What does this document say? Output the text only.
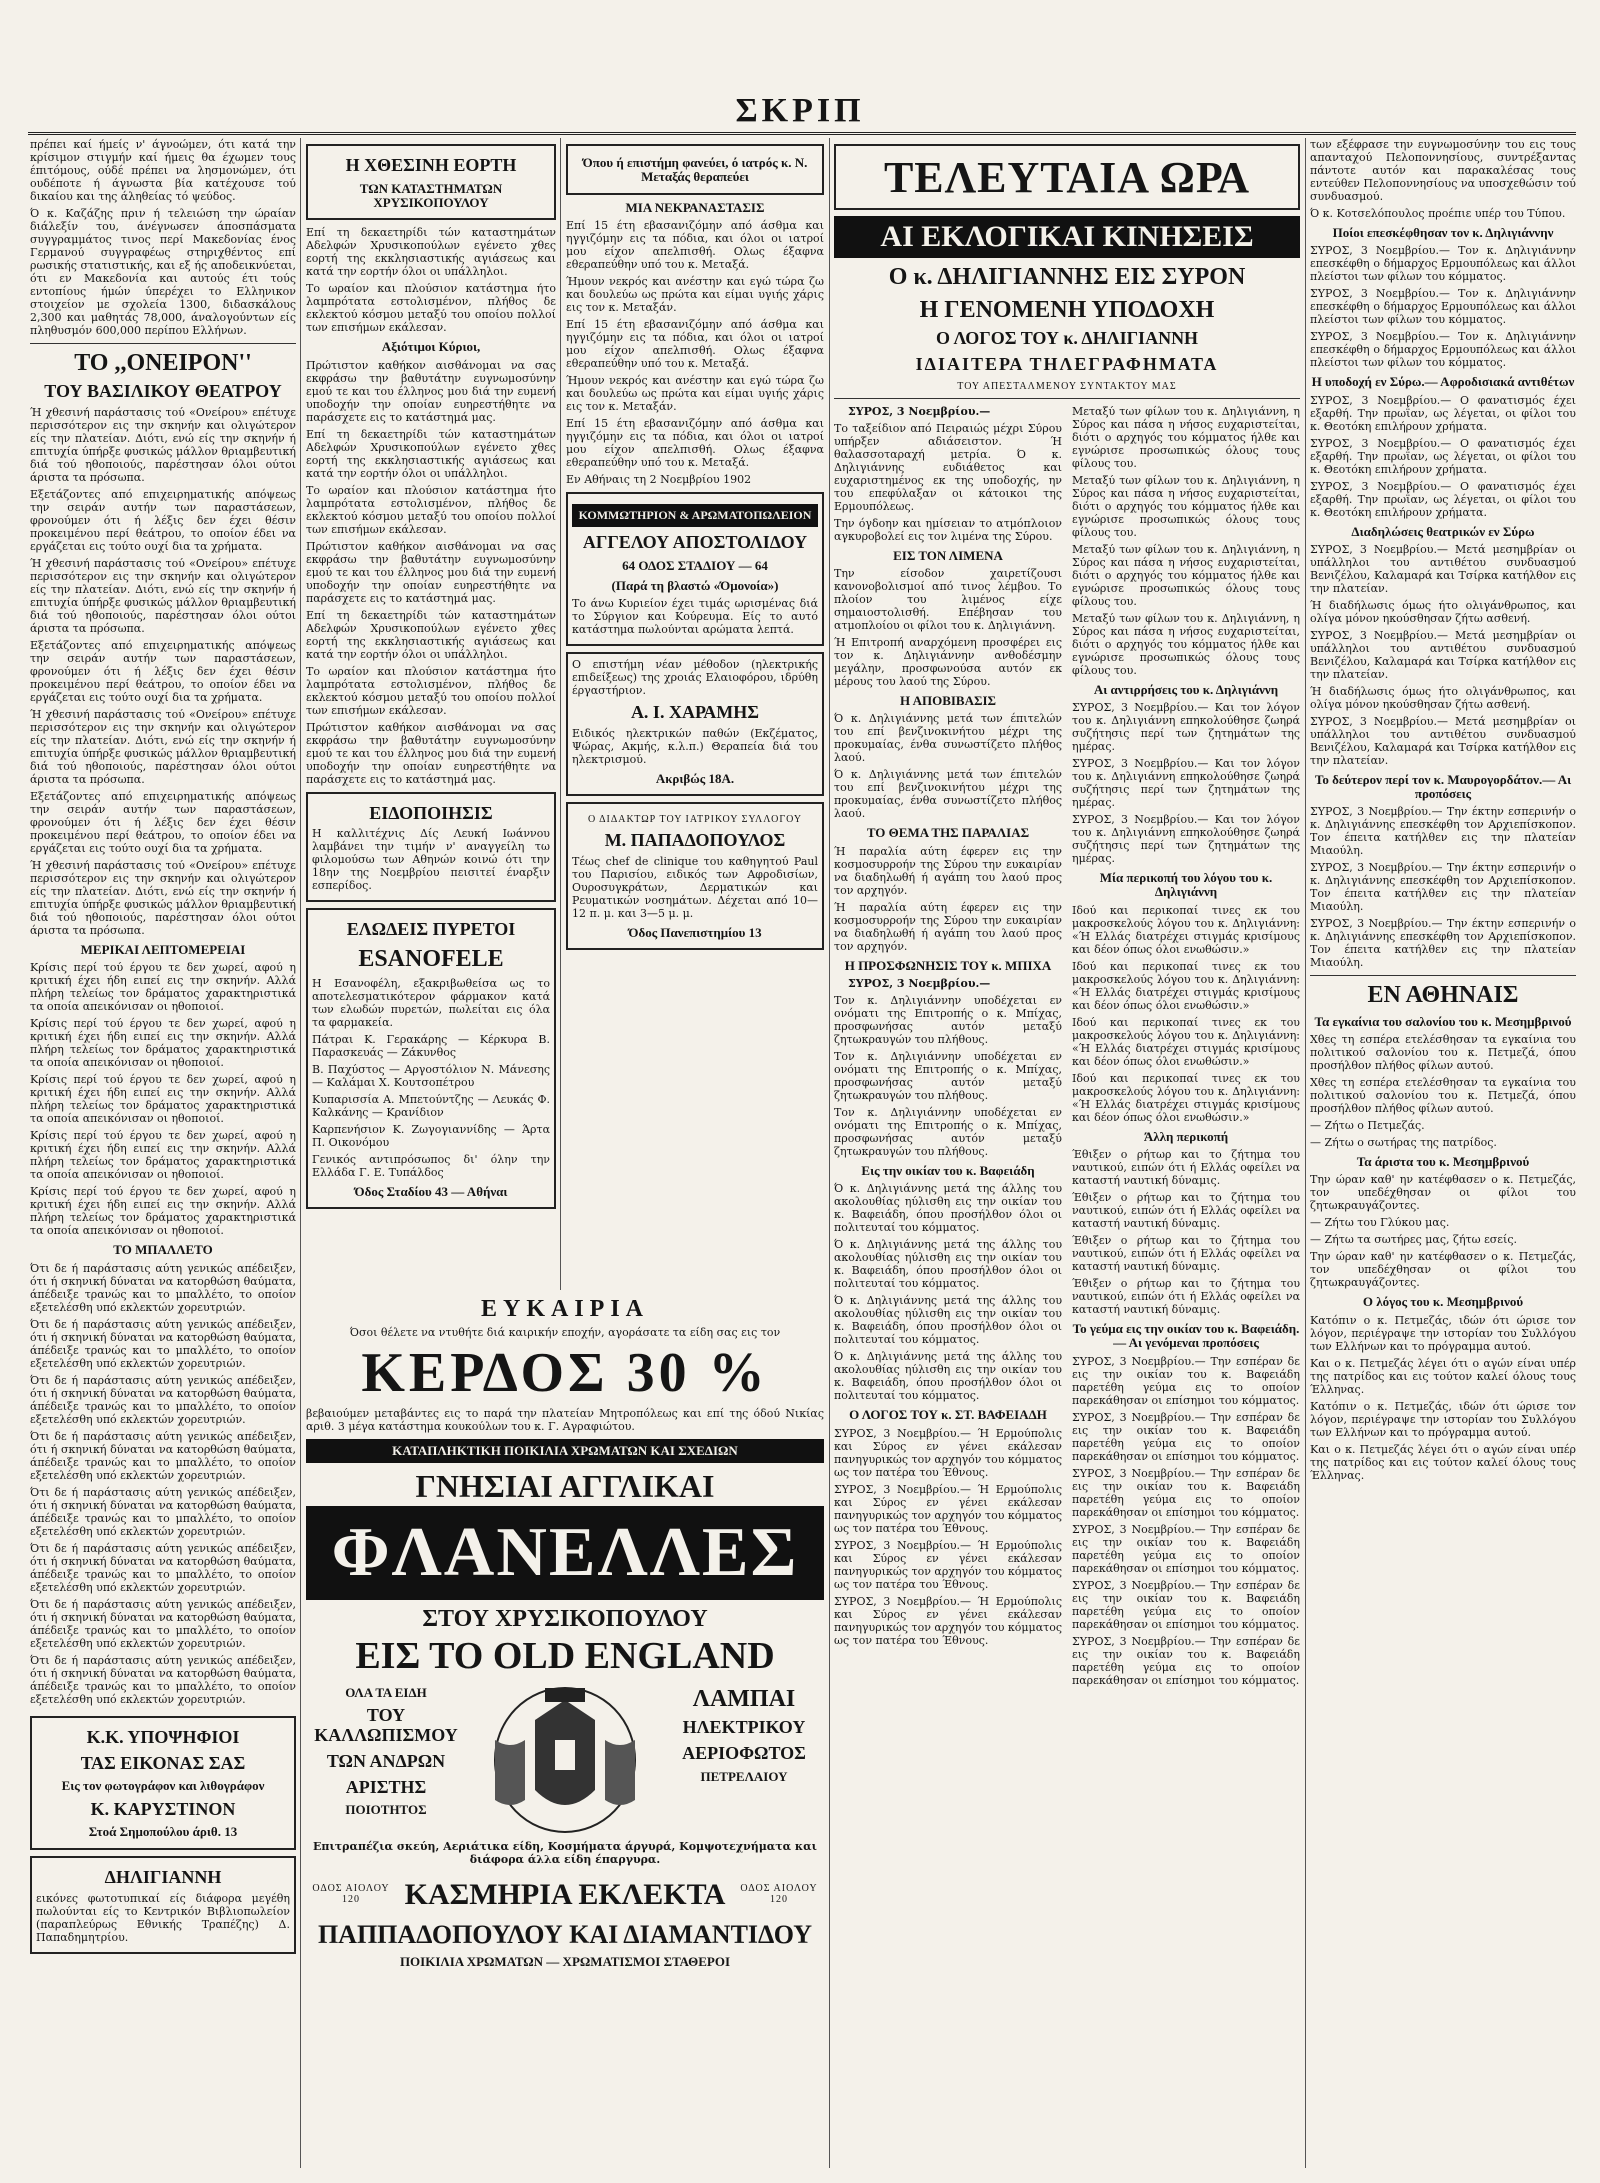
ΣΚΡΙΠ

πρέπει καί ήμείς ν' άγνοώμεν, ότι κατά την κρίσιμον στιγμήν καί ήμεις θα έχωμεν τους έπιτόμους, ούδέ πρέπει να λησμονώμεν, ότι ουδέποτε ή άγνωστα βία κατέχουσε τού δικαίου και της άληθείας τό ψεύδος.

Ό κ. Καζάζης πριν ή τελειώση την ώραίαν διάλεξίν του, άνέγνωσεν άποσπάσματα συγγραμμάτος τινος περί Μακεδονίας ένος Γερμανού συγγραφέως στηριχθέντος επί ρωσικής στατιστικής, και εξ ής αποδεικνύεται, ότι εν Μακεδονία και αυτούς έτι τούς εντοπίους ήμών ύπερέχει το Ελληνικον στοιχείον με σχολεία 1300, διδασκάλους 2,300 και μαθητάς 78,000, άναλογούντων είς πληθυσμόν 600,000 περίπου Ελλήνων.

ΤΟ ,,ΟΝΕΙΡΟΝ''
ΤΟΥ ΒΑΣΙΛΙΚΟΥ ΘΕΑΤΡΟΥ

Ή χθεσινή παράστασις τού «Ονείρου» επέτυχε περισσότερον εις την σκηνήν και ολιγώτερον είς την πλατείαν. Διότι, ενώ είς την σκηνήν ή επιτυχία ύπήρξε φυσικώς μάλλον θριαμβευτική διά τού ηθοποιούς, παρέστησαν όλοι ούτοι άριστα τα πρόσωπα.

Εξετάζοντες από επιχειρηματικής απόψεως την σειράν αυτήν των παραστάσεων, φρονούμεν ότι ή λέξις δεν έχει θέσιν προκειμένου περί θεάτρου, το οποίον έδει να εργάζεται εις τούτο ουχί δια τα χρήματα.

Ή χθεσινή παράστασις τού «Ονείρου» επέτυχε περισσότερον εις την σκηνήν και ολιγώτερον είς την πλατείαν. Διότι, ενώ είς την σκηνήν ή επιτυχία ύπήρξε φυσικώς μάλλον θριαμβευτική διά τού ηθοποιούς, παρέστησαν όλοι ούτοι άριστα τα πρόσωπα.

Εξετάζοντες από επιχειρηματικής απόψεως την σειράν αυτήν των παραστάσεων, φρονούμεν ότι ή λέξις δεν έχει θέσιν προκειμένου περί θεάτρου, το οποίον έδει να εργάζεται εις τούτο ουχί δια τα χρήματα.

Ή χθεσινή παράστασις τού «Ονείρου» επέτυχε περισσότερον εις την σκηνήν και ολιγώτερον είς την πλατείαν. Διότι, ενώ είς την σκηνήν ή επιτυχία ύπήρξε φυσικώς μάλλον θριαμβευτική διά τού ηθοποιούς, παρέστησαν όλοι ούτοι άριστα τα πρόσωπα.

Εξετάζοντες από επιχειρηματικής απόψεως την σειράν αυτήν των παραστάσεων, φρονούμεν ότι ή λέξις δεν έχει θέσιν προκειμένου περί θεάτρου, το οποίον έδει να εργάζεται εις τούτο ουχί δια τα χρήματα.

Ή χθεσινή παράστασις τού «Ονείρου» επέτυχε περισσότερον εις την σκηνήν και ολιγώτερον είς την πλατείαν. Διότι, ενώ είς την σκηνήν ή επιτυχία ύπήρξε φυσικώς μάλλον θριαμβευτική διά τού ηθοποιούς, παρέστησαν όλοι ούτοι άριστα τα πρόσωπα.

ΜΕΡΙΚΑΙ ΛΕΠΤΟΜΕΡΕΙΑΙ

Κρίσις περί τού έργου τε δεν χωρεί, αφού η κριτική έχει ήδη ειπεί εις την σκηνήν. Αλλά πλήρη τελείως τον δράματος χαρακτηριστικά τα οποία απεικόνισαν οι ηθοποιοί.

Κρίσις περί τού έργου τε δεν χωρεί, αφού η κριτική έχει ήδη ειπεί εις την σκηνήν. Αλλά πλήρη τελείως τον δράματος χαρακτηριστικά τα οποία απεικόνισαν οι ηθοποιοί.

Κρίσις περί τού έργου τε δεν χωρεί, αφού η κριτική έχει ήδη ειπεί εις την σκηνήν. Αλλά πλήρη τελείως τον δράματος χαρακτηριστικά τα οποία απεικόνισαν οι ηθοποιοί.

Κρίσις περί τού έργου τε δεν χωρεί, αφού η κριτική έχει ήδη ειπεί εις την σκηνήν. Αλλά πλήρη τελείως τον δράματος χαρακτηριστικά τα οποία απεικόνισαν οι ηθοποιοί.

Κρίσις περί τού έργου τε δεν χωρεί, αφού η κριτική έχει ήδη ειπεί εις την σκηνήν. Αλλά πλήρη τελείως τον δράματος χαρακτηριστικά τα οποία απεικόνισαν οι ηθοποιοί.

ΤΟ ΜΠΑΛΛΕΤΟ

Ότι δε ή παράστασις αύτη γενικώς απέδειξεν, ότι ή σκηνική δύναται να κατορθώση θαύματα, άπέδειξε τρανώς και το μπαλλέτο, το οποίον εξετελέσθη υπό εκλεκτών χορευτριών.

Ότι δε ή παράστασις αύτη γενικώς απέδειξεν, ότι ή σκηνική δύναται να κατορθώση θαύματα, άπέδειξε τρανώς και το μπαλλέτο, το οποίον εξετελέσθη υπό εκλεκτών χορευτριών.

Ότι δε ή παράστασις αύτη γενικώς απέδειξεν, ότι ή σκηνική δύναται να κατορθώση θαύματα, άπέδειξε τρανώς και το μπαλλέτο, το οποίον εξετελέσθη υπό εκλεκτών χορευτριών.

Ότι δε ή παράστασις αύτη γενικώς απέδειξεν, ότι ή σκηνική δύναται να κατορθώση θαύματα, άπέδειξε τρανώς και το μπαλλέτο, το οποίον εξετελέσθη υπό εκλεκτών χορευτριών.

Ότι δε ή παράστασις αύτη γενικώς απέδειξεν, ότι ή σκηνική δύναται να κατορθώση θαύματα, άπέδειξε τρανώς και το μπαλλέτο, το οποίον εξετελέσθη υπό εκλεκτών χορευτριών.

Ότι δε ή παράστασις αύτη γενικώς απέδειξεν, ότι ή σκηνική δύναται να κατορθώση θαύματα, άπέδειξε τρανώς και το μπαλλέτο, το οποίον εξετελέσθη υπό εκλεκτών χορευτριών.

Ότι δε ή παράστασις αύτη γενικώς απέδειξεν, ότι ή σκηνική δύναται να κατορθώση θαύματα, άπέδειξε τρανώς και το μπαλλέτο, το οποίον εξετελέσθη υπό εκλεκτών χορευτριών.

Ότι δε ή παράστασις αύτη γενικώς απέδειξεν, ότι ή σκηνική δύναται να κατορθώση θαύματα, άπέδειξε τρανώς και το μπαλλέτο, το οποίον εξετελέσθη υπό εκλεκτών χορευτριών.

Κ.Κ. ΥΠΟΨΗΦΙΟΙ
ΤΑΣ ΕΙΚΟΝΑΣ ΣΑΣ
Εις τον φωτογράφον και λιθογράφον
Κ. ΚΑΡΥΣΤΙΝΟΝ
Στοά Σημοπούλου άριθ. 13
ΔΗΛΙΓΙΑΝΝΗ

εικόνες φωτοτυπικαί είς διάφορα μεγέθη πωλούνται είς το Κεντρικόν Βιβλιοπωλείον (παραπλεύρως Εθνικής Τραπέζης) Δ. Παπαδημητρίου.

Η ΧΘΕΣΙΝΗ ΕΟΡΤΗ
ΤΩΝ ΚΑΤΑΣΤΗΜΑΤΩΝ ΧΡΥΣΙΚΟΠΟΥΛΟΥ

Επί τη δεκαετηρίδι τών καταστημάτων Αδελφών Χρυσικοπούλων εγένετο χθες εορτή της εκκλησιαστικής αγιάσεως και κατά την εορτήν όλοι οι υπάλληλοι.

Το ωραίον και πλούσιον κατάστημα ήτο λαμπρότατα εστολισμένον, πλήθος δε εκλεκτού κόσμου μεταξύ του οποίου πολλοί των επισήμων εκάλεσαν.

Αξιότιμοι Κύριοι,

Πρώτιστον καθήκον αισθάνομαι να σας εκφράσω την βαθυτάτην ευγνωμοσύνην εμού τε και του έλληνος μου διά την ευμενή υποδοχήν την οποίαν ευηρεστήθητε να παράσχετε εις το κατάστημά μας.

Επί τη δεκαετηρίδι τών καταστημάτων Αδελφών Χρυσικοπούλων εγένετο χθες εορτή της εκκλησιαστικής αγιάσεως και κατά την εορτήν όλοι οι υπάλληλοι.

Το ωραίον και πλούσιον κατάστημα ήτο λαμπρότατα εστολισμένον, πλήθος δε εκλεκτού κόσμου μεταξύ του οποίου πολλοί των επισήμων εκάλεσαν.

Πρώτιστον καθήκον αισθάνομαι να σας εκφράσω την βαθυτάτην ευγνωμοσύνην εμού τε και του έλληνος μου διά την ευμενή υποδοχήν την οποίαν ευηρεστήθητε να παράσχετε εις το κατάστημά μας.

Επί τη δεκαετηρίδι τών καταστημάτων Αδελφών Χρυσικοπούλων εγένετο χθες εορτή της εκκλησιαστικής αγιάσεως και κατά την εορτήν όλοι οι υπάλληλοι.

Το ωραίον και πλούσιον κατάστημα ήτο λαμπρότατα εστολισμένον, πλήθος δε εκλεκτού κόσμου μεταξύ του οποίου πολλοί των επισήμων εκάλεσαν.

Πρώτιστον καθήκον αισθάνομαι να σας εκφράσω την βαθυτάτην ευγνωμοσύνην εμού τε και του έλληνος μου διά την ευμενή υποδοχήν την οποίαν ευηρεστήθητε να παράσχετε εις το κατάστημά μας.

ΕΙΔΟΠΟΙΗΣΙΣ

Η καλλιτέχνις Δίς Λευκή Ιωάννου λαμβάνει την τιμήν ν' αναγγείλη τω φιλομούσω των Αθηνών κοινώ ότι την 18ην της Νοεμβρίου πεισιτεί έναρξιν εσπερίδος.

ΕΛΩΔΕΙΣ ΠΥΡΕΤΟΙ
ESANOFELE

Η Εσανοφέλη, εξακριβωθείσα ως το αποτελεσματικότερον φάρμακον κατά των ελωδών πυρετών, πωλείται εις όλα τα φαρμακεία.

Πάτραι Κ. Γερακάρης — Κέρκυρα Β. Παρασκευάς — Ζάκυνθος

Β. Παχύστος — Αργοστόλιον Ν. Μάνεσης — Καλάμαι Χ. Κουτσοπέτρου

Κυπαρισσία Α. Μπετούντζης — Λευκάς Φ. Καλκάνης — Κρανίδιον

Καρπενήσιον Κ. Ζωγογιαννίδης — Άρτα Π. Οικονόμου

Γενικός αντιπρόσωπος δι' όλην την Ελλάδα Γ. Ε. Τυπάλδος

Όδος Σταδίου 43 — Αθήναι
Όπου ή επιστήμη φανεύει, ό ιατρός κ. Ν. Μεταξάς θεραπεύει
ΜΙΑ ΝΕΚΡΑΝΑΣΤΑΣΙΣ

Επί 15 έτη εβασανιζόμην από άσθμα και ηγγιζόμην εις τα πόδια, και όλοι οι ιατροί μου είχον απελπισθή. Ολως έξαφνα εθεραπεύθην υπό του κ. Μεταξά.

Ήμουν νεκρός και ανέστην και εγώ τώρα ζω και δουλεύω ως πρώτα και είμαι υγιής χάρις εις τον κ. Μεταξάν.

Επί 15 έτη εβασανιζόμην από άσθμα και ηγγιζόμην εις τα πόδια, και όλοι οι ιατροί μου είχον απελπισθή. Ολως έξαφνα εθεραπεύθην υπό του κ. Μεταξά.

Ήμουν νεκρός και ανέστην και εγώ τώρα ζω και δουλεύω ως πρώτα και είμαι υγιής χάρις εις τον κ. Μεταξάν.

Επί 15 έτη εβασανιζόμην από άσθμα και ηγγιζόμην εις τα πόδια, και όλοι οι ιατροί μου είχον απελπισθή. Ολως έξαφνα εθεραπεύθην υπό του κ. Μεταξά.

Εν Αθήναις τη 2 Νοεμβρίου 1902

ΚΟΜΜΩΤΗΡΙΟΝ & ΑΡΩΜΑΤΟΠΩΛΕΙΟΝ
ΑΓΓΕΛΟΥ ΑΠΟΣΤΟΛΙΔΟΥ
64 ΟΔΟΣ ΣΤΑΔΙΟΥ — 64
(Παρά τη βλαστώ «Όμονοία»)

Το άνω Κυριείον έχει τιμάς ωρισμένας διά το Σύργιον και Κούρευμα. Είς το αυτό κατάστημα πωλούνται αρώματα λεπτά.

Ο επιστήμη νέαν μέθοδον (ηλεκτρικής επιδείξεως) της χροιάς Ελαιοφόρου, ιδρύθη έργαστήριον.

Α. Ι. ΧΑΡΑΜΗΣ

Ειδικός ηλεκτρικών παθών (Εκζέματος, Ψώρας, Ακμής, κ.λ.π.) Θεραπεία διά του ηλεκτρισμού.

Ακριβώς 18Α.
Ο ΔΙΔΑΚΤΩΡ ΤΟΥ ΙΑΤΡΙΚΟΥ ΣΥΛΛΟΓΟΥ
Μ. ΠΑΠΑΔΟΠΟΥΛΟΣ

Τέως chef de clinique του καθηγητού Paul του Παρισίου, ειδικός των Αφροδισίων, Ουροσυγκράτων, Δερματικών και Ρευματικών νοσημάτων. Δέχεται από 10—12 π. μ. και 3—5 μ. μ.

Όδος Πανεπιστημίου 13
ΕΥΚΑΙΡΙΑ

Όσοι θέλετε να ντυθήτε διά καιρικήν εποχήν, αγοράσατε τα είδη σας εις τον

ΚΕΡΔΟΣ 30 %

βεβαιούμεν μεταβάντες εις το παρά την πλατείαν Μητροπόλεως και επί της όδού Νικίας αριθ. 3 μέγα κατάστημα κουκούλων του κ. Γ. Αγραφιώτου.

ΚΑΤΑΠΛΗΚΤΙΚΗ ΠΟΙΚΙΛΙΑ ΧΡΩΜΑΤΩΝ ΚΑΙ ΣΧΕΔΙΩΝ
ΓΝΗΣΙΑΙ ΑΓΓΛΙΚΑΙ
ΦΛΑΝΕΛΛΕΣ
ΣΤΟΥ ΧΡΥΣΙΚΟΠΟΥΛΟΥ
ΕΙΣ ΤΟ OLD ENGLAND
ΟΛΑ ΤΑ ΕΙΔΗ
ΤΟΥ ΚΑΛΛΩΠΙΣΜΟΥ
ΤΩΝ ΑΝΔΡΩΝ
ΑΡΙΣΤΗΣ
ΠΟΙΟΤΗΤΟΣ
ΛΑΜΠΑΙ
ΗΛΕΚΤΡΙΚΟΥ
ΑΕΡΙΟΦΩΤΟΣ
ΠΕΤΡΕΛΑΙΟΥ

Επιτραπέζια σκεύη, Αεριάτικα είδη, Κοσμήματα άργυρά, Κομψοτεχνήματα και διάφορα άλλα είδη έπαργυρα.

ΟΔΟΣ ΑΙΟΛΟΥ 120	ΚΑΣΜΗΡΙΑ ΕΚΛΕΚΤΑ	ΟΔΟΣ ΑΙΟΛΟΥ 120
ΠΑΠΠΑΔΟΠΟΥΛΟΥ ΚΑΙ ΔΙΑΜΑΝΤΙΔΟΥ
ΠΟΙΚΙΛΙΑ ΧΡΩΜΑΤΩΝ — ΧΡΩΜΑΤΙΣΜΟΙ ΣΤΑΘΕΡΟΙ
ΤΕΛΕΥΤΑΙΑ ΩΡΑ
ΑΙ ΕΚΛΟΓΙΚΑΙ ΚΙΝΗΣΕΙΣ
Ο κ. ΔΗΛΙΓΙΑΝΝΗΣ ΕΙΣ ΣΥΡΟΝ
Η ΓΕΝΟΜΕΝΗ ΥΠΟΔΟΧΗ
Ο ΛΟΓΟΣ ΤΟΥ κ. ΔΗΛΙΓΙΑΝΝΗ
ΙΔΙΑΙΤΕΡΑ ΤΗΛΕΓΡΑΦΗΜΑΤΑ
ΤΟΥ ΑΠΕΣΤΑΛΜΕΝΟΥ ΣΥΝΤΑΚΤΟΥ ΜΑΣ

ΣΥΡΟΣ, 3 Νοεμβρίου.—

Το ταξείδιον από Πειραιώς μέχρι Σύρου υπήρξεν αδιάσειστον. Ή θαλασσοταραχή μετρία. Ό κ. Δηλιγιάννης ευδιάθετος και ευχαριστημένος εκ της υποδοχής, ην του επεφύλαξαν οι κάτοικοι της Ερμουπόλεως.

Την όγδοην και ημίσειαν το ατμόπλοιον αγκυροβολεί εις τον λιμένα της Σύρου.

ΕΙΣ ΤΟΝ ΛΙΜΕΝΑ

Την είσοδον χαιρετίζουσι κανονοβολισμοί από τινος λέμβου. Το πλοίον του λιμένος είχε σημαιοστολισθή. Επέβησαν του ατμοπλοίου οι φίλοι του κ. Δηλιγιάννη.

Ή Επιτροπή αναρχόμενη προσφέρει εις τον κ. Δηλιγιάννην ανθοδέσμην μεγάλην, προσφωνούσα αυτόν εκ μέρους του λαού της Σύρου.

Η ΑΠΟΒΙΒΑΣΙΣ

Ό κ. Δηλιγιάννης μετά των έπιτελών του επί βενζινοκινήτου μέχρι της προκυμαίας, ένθα συνωστίζετο πλήθος λαού.

Ό κ. Δηλιγιάννης μετά των έπιτελών του επί βενζινοκινήτου μέχρι της προκυμαίας, ένθα συνωστίζετο πλήθος λαού.

ΤΟ ΘΕΜΑ ΤΗΣ ΠΑΡΑΛΙΑΣ

Ή παραλία αύτη έφερεν εις την κοσμοσυρροήν της Σύρου την ευκαιρίαν να διαδηλωθή ή αγάπη του λαού προς τον αρχηγόν.

Ή παραλία αύτη έφερεν εις την κοσμοσυρροήν της Σύρου την ευκαιρίαν να διαδηλωθή ή αγάπη του λαού προς τον αρχηγόν.

Η ΠΡΟΣΦΩΝΗΣΙΣ ΤΟΥ κ. ΜΠΙΧΑ

ΣΥΡΟΣ, 3 Νοεμβρίου.—

Τον κ. Δηλιγιάννην υποδέχεται εν ονόματι της Επιτροπής ο κ. Μπίχας, προσφωνήσας αυτόν μεταξύ ζητωκραυγών του πλήθους.

Τον κ. Δηλιγιάννην υποδέχεται εν ονόματι της Επιτροπής ο κ. Μπίχας, προσφωνήσας αυτόν μεταξύ ζητωκραυγών του πλήθους.

Τον κ. Δηλιγιάννην υποδέχεται εν ονόματι της Επιτροπής ο κ. Μπίχας, προσφωνήσας αυτόν μεταξύ ζητωκραυγών του πλήθους.

Εις την οικίαν του κ. Βαφειάδη

Ό κ. Δηλιγιάννης μετά της άλλης του ακολουθίας ηύλισθη εις την οικίαν του κ. Βαφειάδη, όπου προσήλθον όλοι οι πολιτευταί του κόμματος.

Ό κ. Δηλιγιάννης μετά της άλλης του ακολουθίας ηύλισθη εις την οικίαν του κ. Βαφειάδη, όπου προσήλθον όλοι οι πολιτευταί του κόμματος.

Ό κ. Δηλιγιάννης μετά της άλλης του ακολουθίας ηύλισθη εις την οικίαν του κ. Βαφειάδη, όπου προσήλθον όλοι οι πολιτευταί του κόμματος.

Ό κ. Δηλιγιάννης μετά της άλλης του ακολουθίας ηύλισθη εις την οικίαν του κ. Βαφειάδη, όπου προσήλθον όλοι οι πολιτευταί του κόμματος.

Ο ΛΟΓΟΣ ΤΟΥ κ. ΣΤ. ΒΑΦΕΙΑΔΗ

ΣΥΡΟΣ, 3 Νοεμβρίου.— Ή Ερμούπολις και Σύρος εν γένει εκάλεσαν πανηγυρικώς τον αρχηγόν του κόμματος ως τον πατέρα του Έθνους.

ΣΥΡΟΣ, 3 Νοεμβρίου.— Ή Ερμούπολις και Σύρος εν γένει εκάλεσαν πανηγυρικώς τον αρχηγόν του κόμματος ως τον πατέρα του Έθνους.

ΣΥΡΟΣ, 3 Νοεμβρίου.— Ή Ερμούπολις και Σύρος εν γένει εκάλεσαν πανηγυρικώς τον αρχηγόν του κόμματος ως τον πατέρα του Έθνους.

ΣΥΡΟΣ, 3 Νοεμβρίου.— Ή Ερμούπολις και Σύρος εν γένει εκάλεσαν πανηγυρικώς τον αρχηγόν του κόμματος ως τον πατέρα του Έθνους.

Μεταξύ των φίλων του κ. Δηλιγιάννη, η Σύρος και πάσα η νήσος ευχαριστείται, διότι ο αρχηγός του κόμματος ήλθε και εγνώρισε προσωπικώς όλους τους φίλους του.

Μεταξύ των φίλων του κ. Δηλιγιάννη, η Σύρος και πάσα η νήσος ευχαριστείται, διότι ο αρχηγός του κόμματος ήλθε και εγνώρισε προσωπικώς όλους τους φίλους του.

Μεταξύ των φίλων του κ. Δηλιγιάννη, η Σύρος και πάσα η νήσος ευχαριστείται, διότι ο αρχηγός του κόμματος ήλθε και εγνώρισε προσωπικώς όλους τους φίλους του.

Μεταξύ των φίλων του κ. Δηλιγιάννη, η Σύρος και πάσα η νήσος ευχαριστείται, διότι ο αρχηγός του κόμματος ήλθε και εγνώρισε προσωπικώς όλους τους φίλους του.

Αι αντιρρήσεις του κ. Δηλιγιάννη

ΣΥΡΟΣ, 3 Νοεμβρίου.— Και τον λόγον του κ. Δηλιγιάννη επηκολούθησε ζωηρά συζήτησις περί των ζητημάτων της ημέρας.

ΣΥΡΟΣ, 3 Νοεμβρίου.— Και τον λόγον του κ. Δηλιγιάννη επηκολούθησε ζωηρά συζήτησις περί των ζητημάτων της ημέρας.

ΣΥΡΟΣ, 3 Νοεμβρίου.— Και τον λόγον του κ. Δηλιγιάννη επηκολούθησε ζωηρά συζήτησις περί των ζητημάτων της ημέρας.

Μία περικοπή του λόγου του κ. Δηλιγιάννη

Ιδού και περικοπαί τινες εκ του μακροσκελούς λόγου του κ. Δηλιγιάννη: «Ή Ελλάς διατρέχει στιγμάς κρισίμους και δέον όπως όλοι ενωθώσιν.»

Ιδού και περικοπαί τινες εκ του μακροσκελούς λόγου του κ. Δηλιγιάννη: «Ή Ελλάς διατρέχει στιγμάς κρισίμους και δέον όπως όλοι ενωθώσιν.»

Ιδού και περικοπαί τινες εκ του μακροσκελούς λόγου του κ. Δηλιγιάννη: «Ή Ελλάς διατρέχει στιγμάς κρισίμους και δέον όπως όλοι ενωθώσιν.»

Ιδού και περικοπαί τινες εκ του μακροσκελούς λόγου του κ. Δηλιγιάννη: «Ή Ελλάς διατρέχει στιγμάς κρισίμους και δέον όπως όλοι ενωθώσιν.»

Άλλη περικοπή

Έθιξεν ο ρήτωρ και το ζήτημα του ναυτικού, ειπών ότι ή Ελλάς οφείλει να καταστή ναυτική δύναμις.

Έθιξεν ο ρήτωρ και το ζήτημα του ναυτικού, ειπών ότι ή Ελλάς οφείλει να καταστή ναυτική δύναμις.

Έθιξεν ο ρήτωρ και το ζήτημα του ναυτικού, ειπών ότι ή Ελλάς οφείλει να καταστή ναυτική δύναμις.

Έθιξεν ο ρήτωρ και το ζήτημα του ναυτικού, ειπών ότι ή Ελλάς οφείλει να καταστή ναυτική δύναμις.

Το γεύμα εις την οικίαν του κ. Βαφειάδη.— Αι γενόμεναι προπόσεις

ΣΥΡΟΣ, 3 Νοεμβρίου.— Την εσπέραν δε εις την οικίαν του κ. Βαφειάδη παρετέθη γεύμα εις το οποίον παρεκάθησαν οι επίσημοι του κόμματος.

ΣΥΡΟΣ, 3 Νοεμβρίου.— Την εσπέραν δε εις την οικίαν του κ. Βαφειάδη παρετέθη γεύμα εις το οποίον παρεκάθησαν οι επίσημοι του κόμματος.

ΣΥΡΟΣ, 3 Νοεμβρίου.— Την εσπέραν δε εις την οικίαν του κ. Βαφειάδη παρετέθη γεύμα εις το οποίον παρεκάθησαν οι επίσημοι του κόμματος.

ΣΥΡΟΣ, 3 Νοεμβρίου.— Την εσπέραν δε εις την οικίαν του κ. Βαφειάδη παρετέθη γεύμα εις το οποίον παρεκάθησαν οι επίσημοι του κόμματος.

ΣΥΡΟΣ, 3 Νοεμβρίου.— Την εσπέραν δε εις την οικίαν του κ. Βαφειάδη παρετέθη γεύμα εις το οποίον παρεκάθησαν οι επίσημοι του κόμματος.

ΣΥΡΟΣ, 3 Νοεμβρίου.— Την εσπέραν δε εις την οικίαν του κ. Βαφειάδη παρετέθη γεύμα εις το οποίον παρεκάθησαν οι επίσημοι του κόμματος.

των εξέφρασε την ευγνωμοσύνην του εις τους απανταχού Πελοποννησίους, συντρέξαντας πάντοτε αυτόν και παρακαλέσας τους εντεύθεν Πελοποννησίους να υποσχεθώσιν τού συνδυασμού.

Ό κ. Κοτσελόπουλος προέπιε υπέρ του Τύπου.

Ποίοι επεσκέφθησαν τον κ. Δηλιγιάννην

ΣΥΡΟΣ, 3 Νοεμβρίου.— Τον κ. Δηλιγιάννην επεσκέφθη ο δήμαρχος Ερμουπόλεως και άλλοι πλείστοι των φίλων του κόμματος.

ΣΥΡΟΣ, 3 Νοεμβρίου.— Τον κ. Δηλιγιάννην επεσκέφθη ο δήμαρχος Ερμουπόλεως και άλλοι πλείστοι των φίλων του κόμματος.

ΣΥΡΟΣ, 3 Νοεμβρίου.— Τον κ. Δηλιγιάννην επεσκέφθη ο δήμαρχος Ερμουπόλεως και άλλοι πλείστοι των φίλων του κόμματος.

Η υποδοχή εν Σύρω.— Αφροδισιακά αντιθέτων

ΣΥΡΟΣ, 3 Νοεμβρίου.— Ο φανατισμός έχει εξαρθή. Την πρωΐαν, ως λέγεται, οι φίλοι του κ. Θεοτόκη επιλήρουν χρήματα.

ΣΥΡΟΣ, 3 Νοεμβρίου.— Ο φανατισμός έχει εξαρθή. Την πρωΐαν, ως λέγεται, οι φίλοι του κ. Θεοτόκη επιλήρουν χρήματα.

ΣΥΡΟΣ, 3 Νοεμβρίου.— Ο φανατισμός έχει εξαρθή. Την πρωΐαν, ως λέγεται, οι φίλοι του κ. Θεοτόκη επιλήρουν χρήματα.

Διαδηλώσεις θεατρικών εν Σύρω

ΣΥΡΟΣ, 3 Νοεμβρίου.— Μετά μεσημβρίαν οι υπάλληλοι του αντιθέτου συνδυασμού Βενιζέλου, Καλαμαρά και Τσίρκα κατήλθον εις την πλατείαν.

Ή διαδήλωσις όμως ήτο ολιγάνθρωπος, και ολίγα μόνον ηκούσθησαν ζήτω ασθενή.

ΣΥΡΟΣ, 3 Νοεμβρίου.— Μετά μεσημβρίαν οι υπάλληλοι του αντιθέτου συνδυασμού Βενιζέλου, Καλαμαρά και Τσίρκα κατήλθον εις την πλατείαν.

Ή διαδήλωσις όμως ήτο ολιγάνθρωπος, και ολίγα μόνον ηκούσθησαν ζήτω ασθενή.

ΣΥΡΟΣ, 3 Νοεμβρίου.— Μετά μεσημβρίαν οι υπάλληλοι του αντιθέτου συνδυασμού Βενιζέλου, Καλαμαρά και Τσίρκα κατήλθον εις την πλατείαν.

Το δεύτερον περί τον κ. Μαυρογορδάτον.— Αι προπόσεις

ΣΥΡΟΣ, 3 Νοεμβρίου.— Την έκτην εσπερινήν ο κ. Δηλιγιάννης επεσκέφθη τον Αρχιεπίσκοπον. Τον έπειτα κατήλθεν εις την πλατείαν Μιαούλη.

ΣΥΡΟΣ, 3 Νοεμβρίου.— Την έκτην εσπερινήν ο κ. Δηλιγιάννης επεσκέφθη τον Αρχιεπίσκοπον. Τον έπειτα κατήλθεν εις την πλατείαν Μιαούλη.

ΣΥΡΟΣ, 3 Νοεμβρίου.— Την έκτην εσπερινήν ο κ. Δηλιγιάννης επεσκέφθη τον Αρχιεπίσκοπον. Τον έπειτα κατήλθεν εις την πλατείαν Μιαούλη.

ΕΝ ΑΘΗΝΑΙΣ
Τα εγκαίνια του σαλονίου του κ. Μεσημβρινού

Χθες τη εσπέρα ετελέσθησαν τα εγκαίνια του πολιτικού σαλονίου του κ. Πετμεζά, όπου προσήλθον πλήθος φίλων αυτού.

Χθες τη εσπέρα ετελέσθησαν τα εγκαίνια του πολιτικού σαλονίου του κ. Πετμεζά, όπου προσήλθον πλήθος φίλων αυτού.

— Ζήτω ο Πετμεζάς.

— Ζήτω ο σωτήρας της πατρίδος.

Τα άριστα του κ. Μεσημβρινού

Την ώραν καθ' ην κατέφθασεν ο κ. Πετμεζάς, τον υπεδέχθησαν οι φίλοι του ζητωκραυγάζοντες.

— Ζήτω του Γλύκου μας.

— Ζήτω τα σωτήρες μας, ζήτω εσείς.

Την ώραν καθ' ην κατέφθασεν ο κ. Πετμεζάς, τον υπεδέχθησαν οι φίλοι του ζητωκραυγάζοντες.

Ο λόγος του κ. Μεσημβρινού

Κατόπιν ο κ. Πετμεζάς, ιδών ότι ώρισε τον λόγον, περιέγραψε την ιστορίαν του Συλλόγου των Ελλήνων και το πρόγραμμα αυτού.

Και ο κ. Πετμεζάς λέγει ότι ο αγών είναι υπέρ της πατρίδος και εις τούτον καλεί όλους τους Έλληνας.

Κατόπιν ο κ. Πετμεζάς, ιδών ότι ώρισε τον λόγον, περιέγραψε την ιστορίαν του Συλλόγου των Ελλήνων και το πρόγραμμα αυτού.

Και ο κ. Πετμεζάς λέγει ότι ο αγών είναι υπέρ της πατρίδος και εις τούτον καλεί όλους τους Έλληνας.
